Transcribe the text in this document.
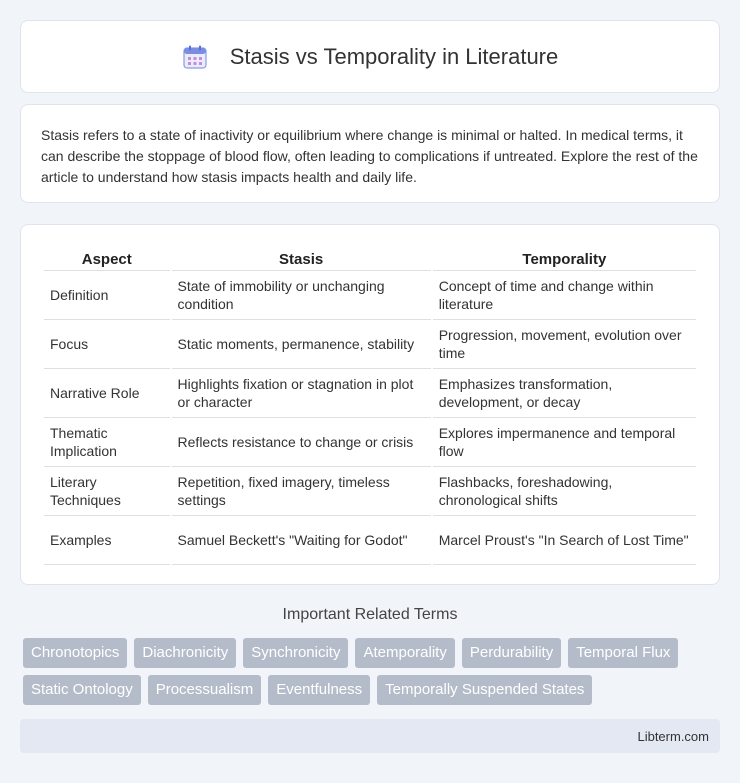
Stasis vs Temporality in Literature

Stasis refers to a state of inactivity or equilibrium where change is minimal or halted. In medical terms, it can describe the stoppage of blood flow, often leading to complications if untreated. Explore the rest of the article to understand how stasis impacts health and daily life.

Aspect	Stasis	Temporality
Definition	State of immobility or unchanging condition	Concept of time and change within literature
Focus	Static moments, permanence, stability	Progression, movement, evolution over time
Narrative Role	Highlights fixation or stagnation in plot or character	Emphasizes transformation, development, or decay
Thematic Implication	Reflects resistance to change or crisis	Explores impermanence and temporal flow
Literary Techniques	Repetition, fixed imagery, timeless settings	Flashbacks, foreshadowing, chronological shifts
Examples	Samuel Beckett's "Waiting for Godot"	Marcel Proust's "In Search of Lost Time"
Important Related Terms
Chronotopics	Diachronicity	Synchronicity	Atemporality	Perdurability	Temporal Flux
Static Ontology	Processualism	Eventfulness	Temporally Suspended States
Libterm.com
